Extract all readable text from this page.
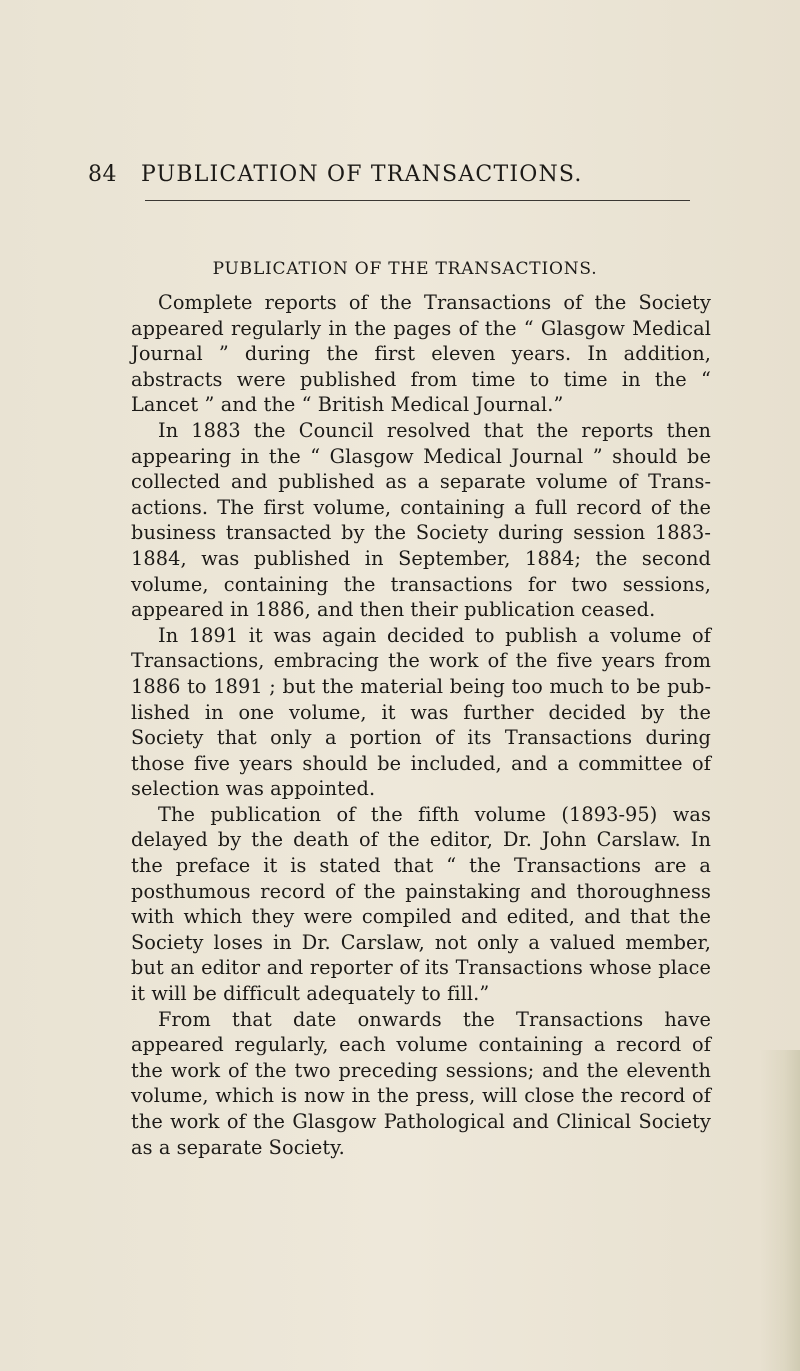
84 PUBLICATION OF TRANSACTIONS.
PUBLICATION OF THE TRANSACTIONS.

Complete reports of the Transactions of the Society appeared regularly in the pages of the “ Glasgow Medical Journal ” during the first eleven years. In addition, abstracts were published from time to time in the “ Lancet ” and the “ British Medical Journal.”

In 1883 the Council resolved that the reports then appearing in the “ Glasgow Medical Journal ” should be collected and published as a separate volume of Transactions. The first volume, containing a full record of the business transacted by the Society during session 1883-1884, was published in September, 1884; the second volume, containing the transactions for two sessions, appeared in 1886, and then their publication ceased.

In 1891 it was again decided to publish a volume of Transactions, embracing the work of the five years from 1886 to 1891 ; but the material being too much to be published in one volume, it was further decided by the Society that only a portion of its Transactions during those five years should be included, and a committee of selection was appointed.

The publication of the fifth volume (1893-95) was delayed by the death of the editor, Dr. John Carslaw. In the preface it is stated that “ the Transactions are a posthumous record of the painstaking and thoroughness with which they were compiled and edited, and that the Society loses in Dr. Carslaw, not only a valued member, but an editor and reporter of its Transactions whose place it will be difficult adequately to fill.”

From that date onwards the Transactions have appeared regularly, each volume containing a record of the work of the two preceding sessions; and the eleventh volume, which is now in the press, will close the record of the work of the Glasgow Pathological and Clinical Society as a separate Society.
